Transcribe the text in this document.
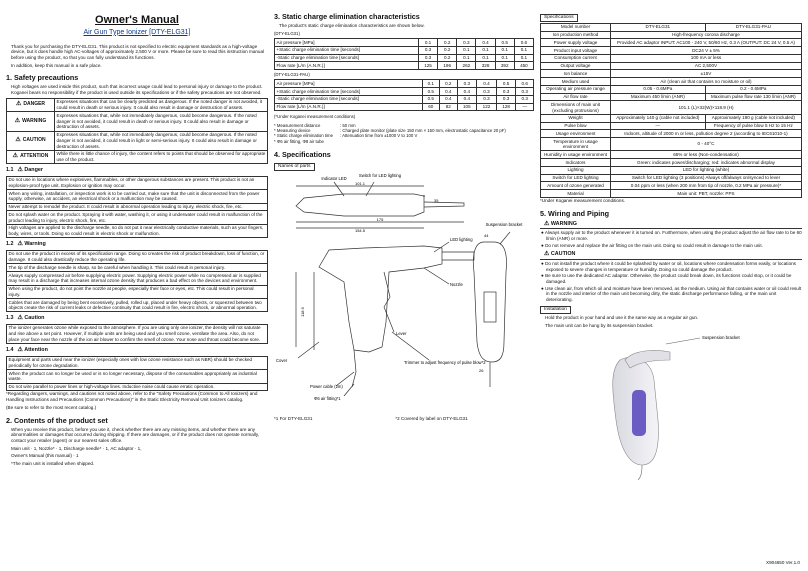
Owner's Manual
Air Gun Type Ionizer [DTY-ELG31]

Thank you for purchasing the DTY-ELG31. This product is not specified to electric equipment standards as a high-voltage device, but it does handle high AC-voltages of approximately 2,500 V or more. Please be sure to read this instruction manual before using the product, so that you can fully understand its functions.

In addition, keep this manual in a safe place.

1. Safety precautions

High voltages are used inside this product, such that incorrect usage could lead to personal injury or damage to the product. Koganei bears no responsibility if the product is used outside its specifications or if the safety precautions are not observed.

⚠ DANGER	Expresses situations that can be clearly predicted as dangerous. If the noted danger is not avoided, it could result in death or serious injury. It could also result in damage or destruction of assets.
⚠ WARNING	Expresses situations that, while not immediately dangerous, could become dangerous. If the noted danger is not avoided, it could result in death or serious injury. It could also result in damage or destruction of assets.
⚠ CAUTION	Expresses situations that, while not immediately dangerous, could become dangerous. If the noted danger is not avoided, it could result in light or semi-serious injury. It could also result in damage or destruction of assets.
⚠ ATTENTION	While there is little chance of injury, the content refers to points that should be observed for appropriate use of the product.
1.1 ⚠ Danger
Do not use in locations where explosives, flammables, or other dangerous substances are present. This product is not an explosion-proof type unit. Explosion or ignition may occur.
When any wiring, installation, or inspection work is to be carried out, make sure that the unit is disconnected from the power supply, otherwise, an accident, an electrical shock or a malfunction may be caused.
Never attempt to remodel the product. It could result in abnormal operation leading to injury, electric shock, fire, etc.
Do not splash water on the product. Spraying it with water, washing it, or using it underwater could result in malfunction of the product leading to injury, electric shock, fire, etc.
High voltages are applied to the discharge needle, so do not put it near electrically conductive materials, such as your fingers, body, wires, or tools. Doing so could result in electric shock or malfunction.
1.2 ⚠ Warning
Do not use the product in excess of its specification range. Doing so creates the risk of product breakdown, loss of function, or damage. It could also drastically reduce the operating life.
The tip of the discharge needle is sharp, so be careful when handling it. This could result in personal injury.
Always supply compressed air before supplying electric power. Supplying electric power while no compressed air is supplied may result in a discharge that increases internal ozone density that produces a bad effect on the devices and environment.
When using the product, do not point the nozzle at people, especially their face or eyes, etc. This could result in personal injury.
Cables that are damaged by being bent excessively, pulled, rolled up, placed under heavy objects, or squeezed between two objects create the risk of current leaks or defective continuity that could result in fire, electric shock, or abnormal operation.
1.3 ⚠ Caution
The ionizer generates ozone while exposed to the atmosphere. If you are using only one ionizer, the density will not saturate and rise above a set point. However, if multiple units are being used and you smell ozone, ventilate the area. Also, do not place your face near the nozzle of the ion air blower to confirm the smell of ozone. Your nose and throat could become sore.
1.4 ⚠ Attention
Equipment and parts used near the ionizer (especially ones with low ozone resistance such as NBR) should be checked periodically for ozone degradation.
When the product can no longer be used or is no longer necessary, dispose of the consumables appropriately as industrial waste.
Do not wire parallel to power lines or high-voltage lines. Inductive noise could cause erratic operation.

*Regarding dangers, warnings, and cautions not noted above, refer to the "Safety Precautions (Common to All Ionizers) and Handling Instructions and Precautions (Common Precautions)" in the Static Electricity Removal Unit Ionizers catalog.

(Be sure to refer to the most recent catalog.)

2. Contents of the product set

When you receive this product, before you use it, check whether there are any missing items, and whether there are any abnormalities or damages that occurred during shipping. If there are damages, or if the product does not operate normally, contact your retailer (agent) or our nearest sales office.

Main unit · 1, Nozzle* · 1, Discharge needle* · 1, AC adaptor · 1,

Owner's Manual (this manual) · 1

*The main unit is installed when shipped.

3. Static charge elimination characteristics

The product's static charge elimination characteristics are shown below.

(DTY-ELG31)

Air pressure [MPa]	0.1	0.2	0.3	0.4	0.5	0.6
+Static charge elimination time [seconds]	0.3	0.2	0.1	0.1	0.1	0.1
-Static charge elimination time [seconds]	0.3	0.2	0.1	0.1	0.1	0.1
Flow rate [L/m (A.N.R.)]	125	196	262	328	392	450

(DTY-ELG31-PAU)

Air pressure [MPa]	0.1	0.2	0.3	0.4	0.5	0.6
+Static charge elimination time [seconds]	0.5	0.4	0.4	0.3	0.3	0.3
-Static charge elimination time [seconds]	0.5	0.4	0.4	0.3	0.3	0.3
Flow rate [L/m (A.N.R.)]	60	82	105	122	128	—

(*Under Koganei measurement conditions)

* Measurement distance	: 50 mm
* Measuring device	: Charged plate monitor (plate size 150 mm × 150 mm, electrostatic capacitance 20 pF)
* Static charge elimination time	: Attenuation time from ±1000 V to 100 V
* Φ6 air fitting, Φ8 air tube	
4. Specifications
Names of parts
Indicator LED
Switch for LED lighting
LED lighting
Suspension bracket
Nozzle
Lever
Trimmer to adjust frequency of pulse blow*2
Cover
Power cable (2m)
Φ6 air fitting*1
175
154.5
101.1
35
118.9
26
44
*1 For DTY-ELG31	*2 Covered by label on DTY-ELG31
Specifications
Model number	DTY-ELG31	DTY-ELG31-PAU
Ion production method	High-frequency corona discharge	
Power supply voltage	Provided AC adaptor INPUT: AC100 - 240 V, 50/60 Hz, 0.3 A (OUTPUT: DC 24 V, 0.5 A)	
Product input voltage	DC24 V ± 5%	
Consumption current	100 mA or less	
Output voltage	AC 2,500V	
Ion balance	±15V	
Medium used	Air (clean air that contains no moisture or oil)	
Operating air pressure range	0.05 - 0.6MPa	0.2 - 0.6MPa
Air flow rate	Maximum 450 l/min (ANR)	Maximum pulse flow rate 130 l/min (ANR)
Dimensions of main unit (excluding protrusions)	101.1 (L)×32(W)×118.9 (H)	
Weight	Approximately 140 g (cable not included)	Approximately 190 g (cable not included)
Pulse blow	—	Frequency of pulse blow 5 Hz to 15 Hz
Usage environment	Indoors, altitude of 2000 m or less, pollution degree 2 (according to IEC61010-1)	
Temperature in usage environment	0 - 40°C	
Humidity in usage environment	65% or less (Non-condensation)	
Indicators	Green: indicates power/discharging; red: indicates abnormal display	
Lighting	LED for lighting (white)	
Switch for LED lighting	Switch for LED lighting (3 positions) Always off/always on/synced to lever	
Amount of ozone generated	0.04 ppm or less (when 200 mm from tip of nozzle, 0.2 MPa air pressure)*	
Material	Main unit: PBT, nozzle: PPS	

*Under Koganei measurement conditions.

5. Wiring and Piping
⚠ WARNING

● Always supply air to the product whenever it is turned on. Furthermore, when using the product adjust the air flow rate to be 60 l/min (ANR) or more.

● Do not remove and replace the air fitting on the main unit. Doing so could result in damage to the main unit.

⚠ CAUTION

● Do not install the product where it could be splashed by water or oil, locations where condensation forms easily, or locations exposed to severe changes in temperature or humidity. Doing so could damage the product.

● Be sure to use the dedicated AC adaptor. Otherwise, the product could break down, its functions could stop, or it could be damaged.

● Use clean air, from which oil and moisture have been removed, as the medium. Using air that contains water or oil could result in the nozzle and interior of the main unit becoming dirty, the static discharge performance falling, or the main unit deteriorating.

Installation

Hold the product in your hand and use it the same way as a regular air gun.

The main unit can be hung by its suspension bracket.

Suspension bracket
X904650 Ver.1.0
